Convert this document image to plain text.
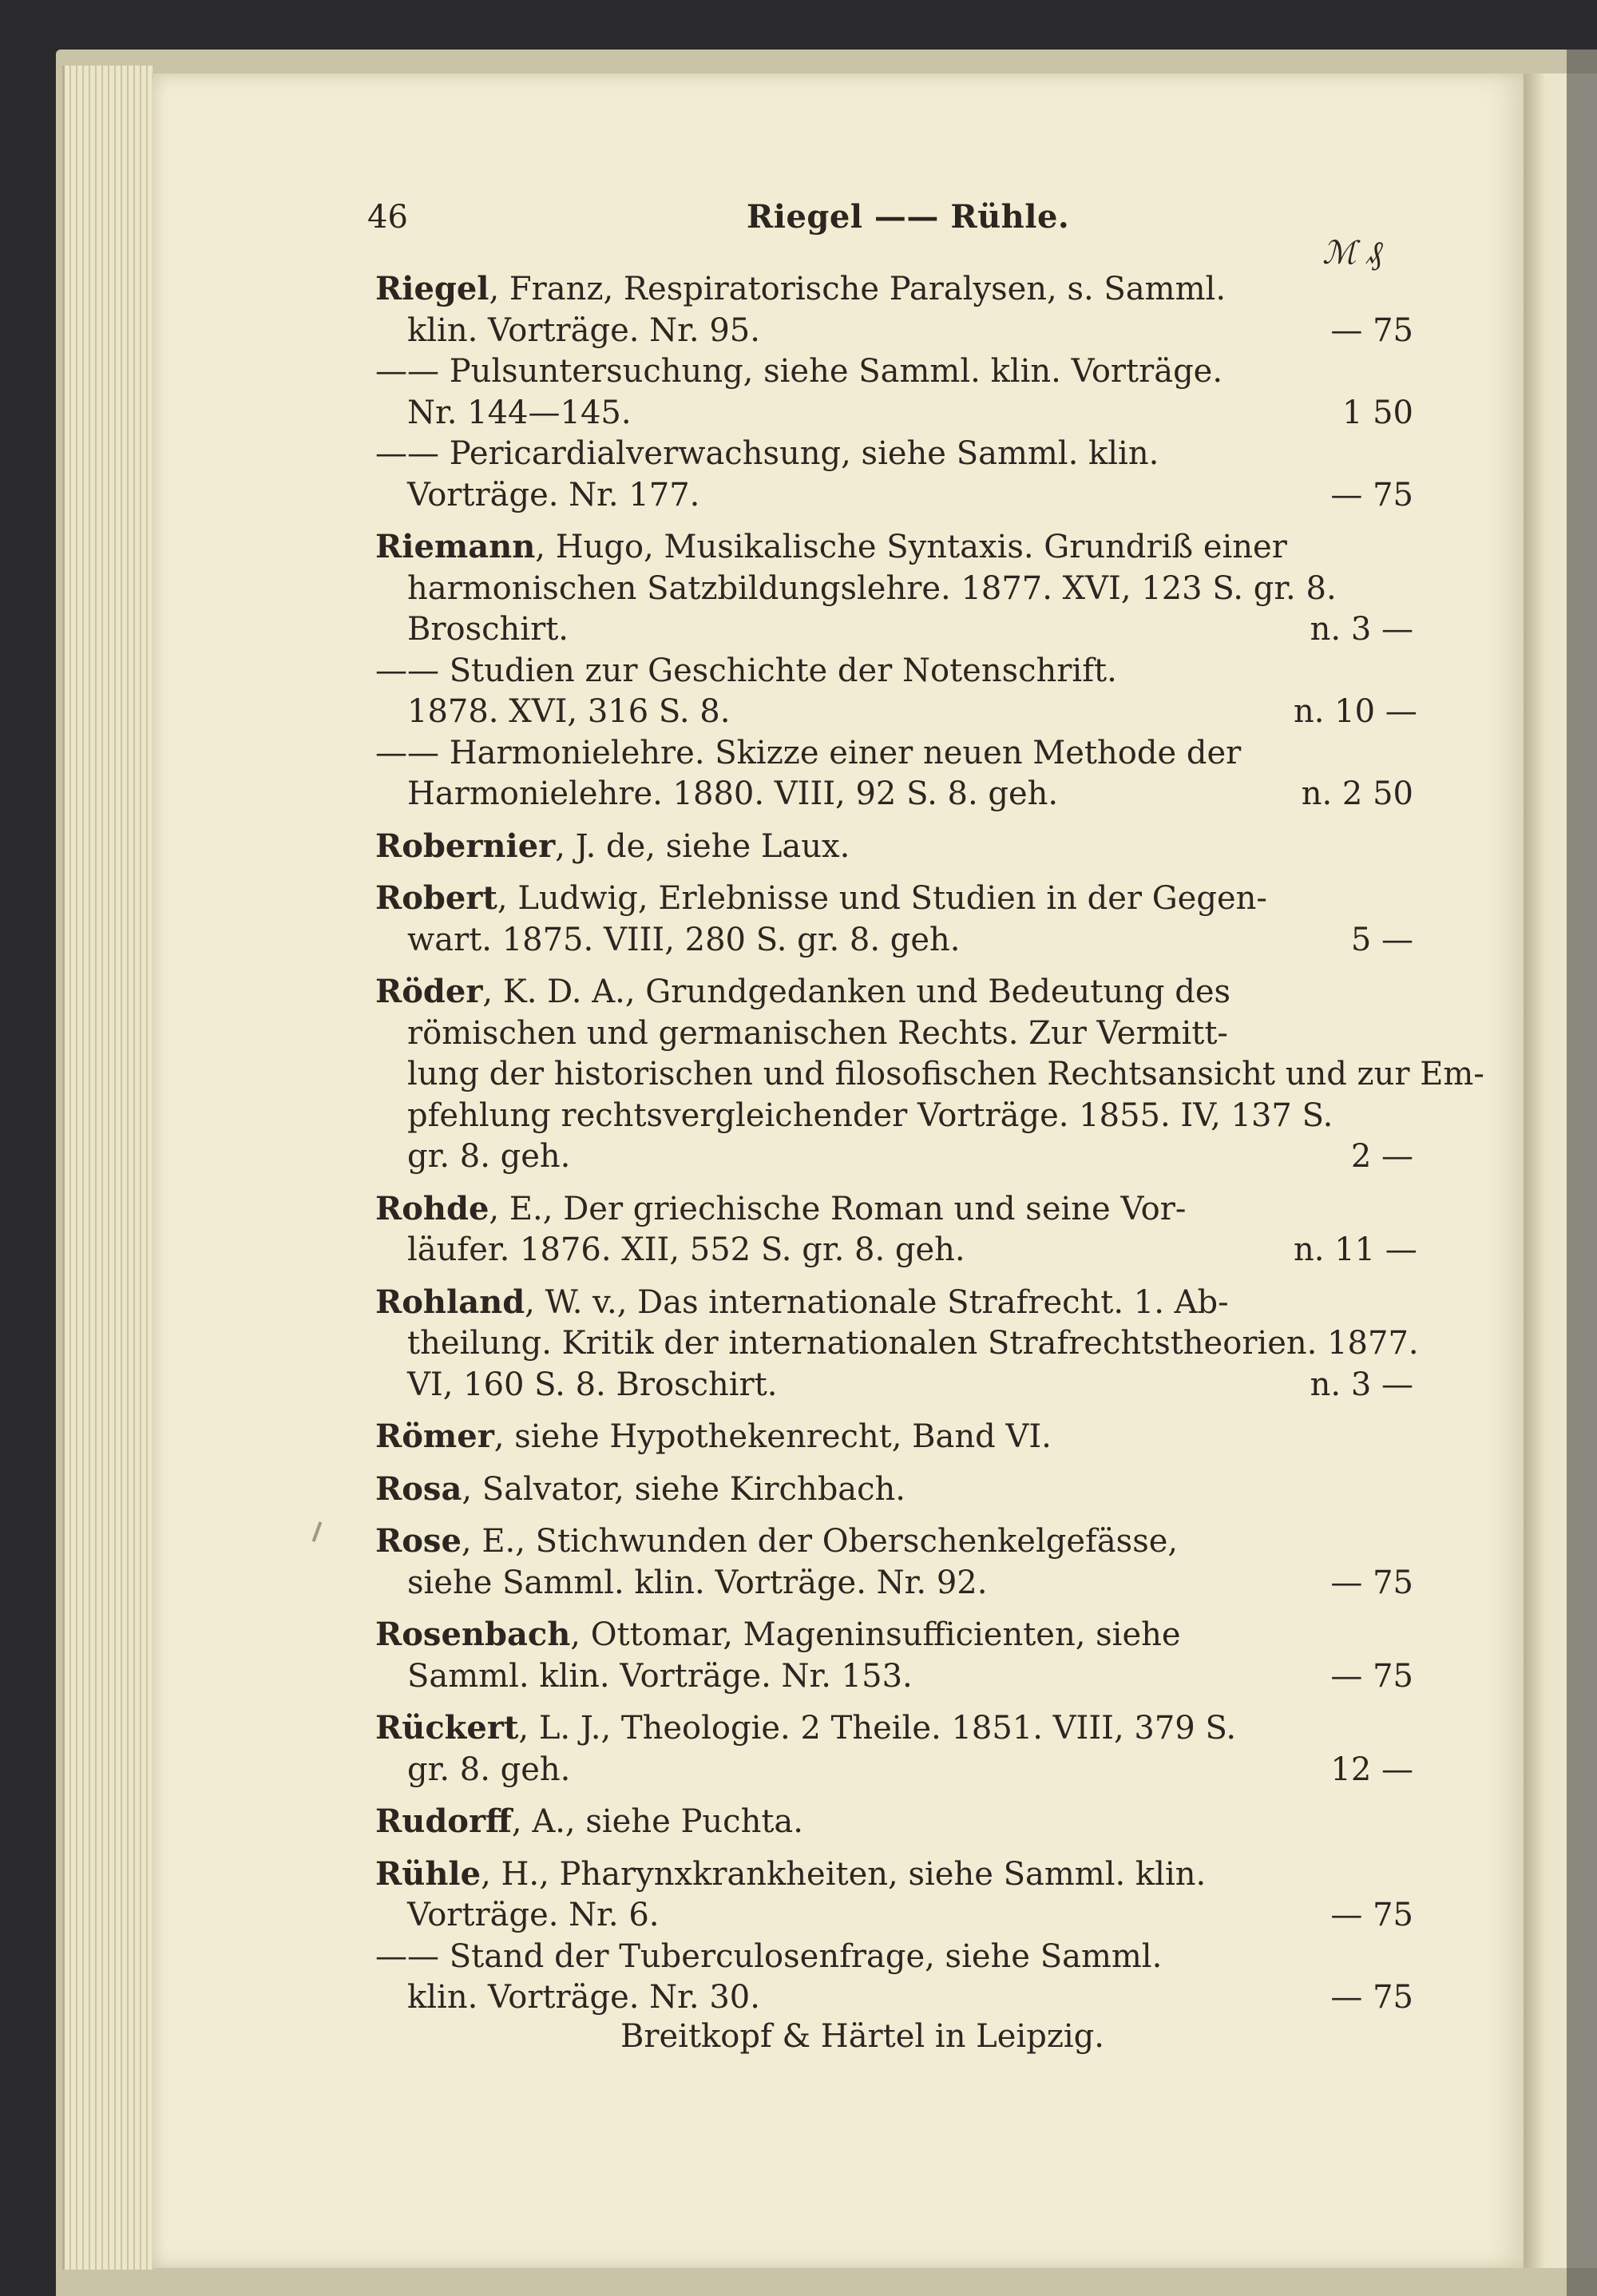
46	Riegel —— Rühle.
ℳ ₰
Riegel, Franz, Respiratorische Paralysen, s. Samml.
klin. Vorträge. Nr. 95.	— 75
—— Pulsuntersuchung, siehe Samml. klin. Vorträge.
Nr. 144—145.	1 50
—— Pericardialverwachsung, siehe Samml. klin.
Vorträge. Nr. 177.	— 75
Riemann, Hugo, Musikalische Syntaxis. Grundriß einer
harmonischen Satzbildungslehre. 1877. XVI, 123 S. gr. 8.
Broschirt.	n. 3 —
—— Studien zur Geschichte der Notenschrift.
1878. XVI, 316 S. 8.	n. 10 —
—— Harmonielehre. Skizze einer neuen Methode der
Harmonielehre. 1880. VIII, 92 S. 8. geh.	n. 2 50
Robernier, J. de, siehe Laux.
Robert, Ludwig, Erlebnisse und Studien in der Gegen-
wart. 1875. VIII, 280 S. gr. 8. geh.	5 —
Röder, K. D. A., Grundgedanken und Bedeutung des
römischen und germanischen Rechts. Zur Vermitt-
lung der historischen und filosofischen Rechtsansicht und zur Em-
pfehlung rechtsvergleichender Vorträge. 1855. IV, 137 S.
gr. 8. geh.	2 —
Rohde, E., Der griechische Roman und seine Vor-
läufer. 1876. XII, 552 S. gr. 8. geh.	n. 11 —
Rohland, W. v., Das internationale Strafrecht. 1. Ab-
theilung. Kritik der internationalen Strafrechtstheorien. 1877.
VI, 160 S. 8. Broschirt.	n. 3 —
Römer, siehe Hypothekenrecht, Band VI.
Rosa, Salvator, siehe Kirchbach.
Rose, E., Stichwunden der Oberschenkelgefässe,
siehe Samml. klin. Vorträge. Nr. 92.	— 75
Rosenbach, Ottomar, Mageninsufficienten, siehe
Samml. klin. Vorträge. Nr. 153.	— 75
Rückert, L. J., Theologie. 2 Theile. 1851. VIII, 379 S.
gr. 8. geh.	12 —
Rudorff, A., siehe Puchta.
Rühle, H., Pharynxkrankheiten, siehe Samml. klin.
Vorträge. Nr. 6.	— 75
—— Stand der Tuberculosenfrage, siehe Samml.
klin. Vorträge. Nr. 30.	— 75
Breitkopf & Härtel in Leipzig.
